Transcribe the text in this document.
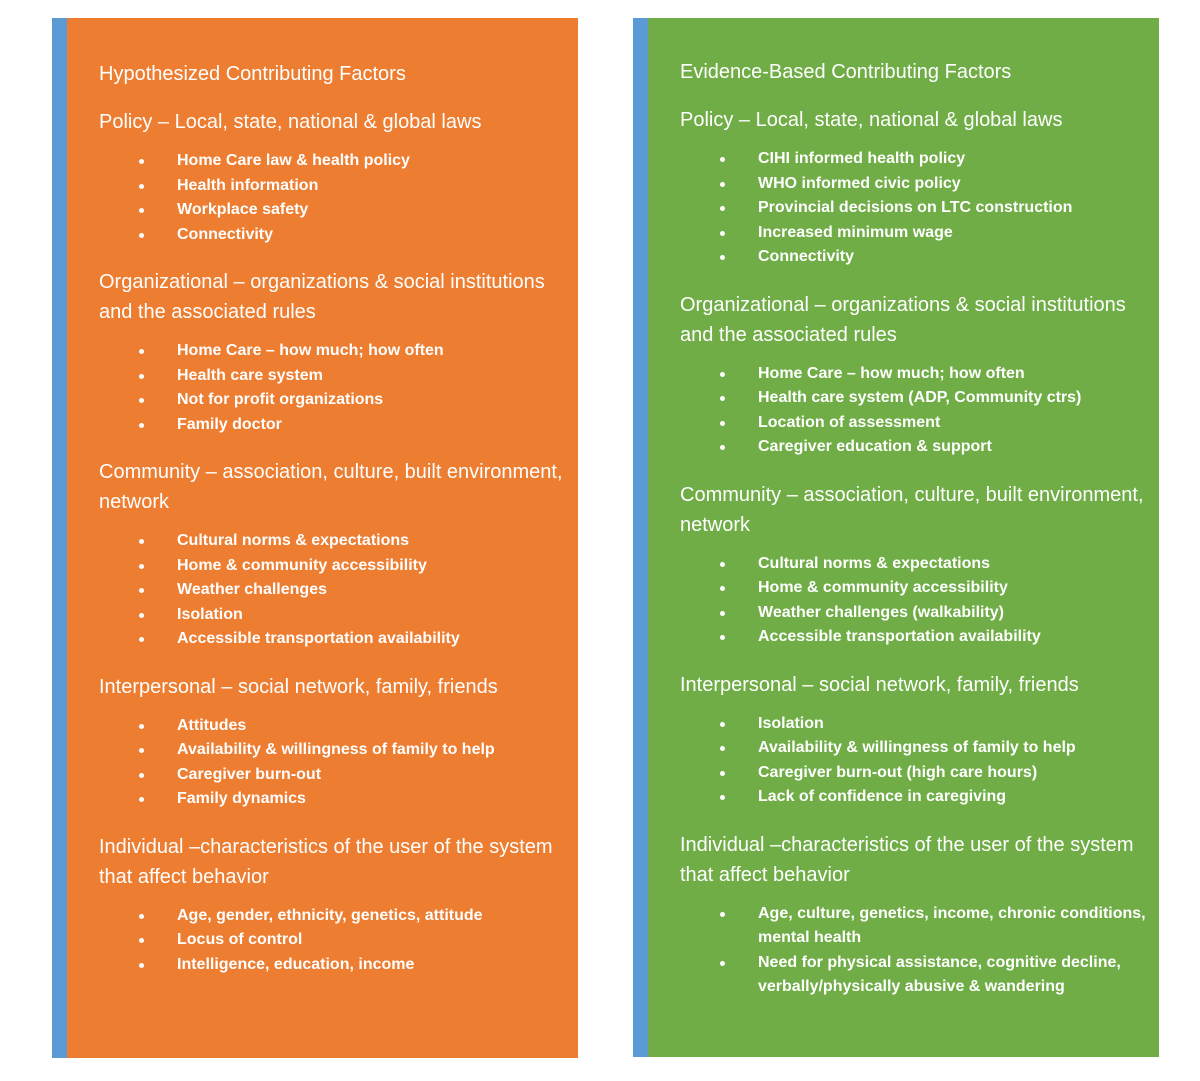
Hypothesized Contributing Factors

Policy – Local, state, national & global laws

Home Care law & health policy
Health information
Workplace safety
Connectivity

Organizational – organizations & social institutions and the associated rules

Home Care – how much; how often
Health care system
Not for profit organizations
Family doctor

Community – association, culture, built environment, network

Cultural norms & expectations
Home & community accessibility
Weather challenges
Isolation
Accessible transportation availability

Interpersonal – social network, family, friends

Attitudes
Availability & willingness of family to help
Caregiver burn-out
Family dynamics

Individual –characteristics of the user of the system that affect behavior

Age, gender, ethnicity, genetics, attitude
Locus of control
Intelligence, education, income

Evidence-Based Contributing Factors

Policy – Local, state, national & global laws

CIHI informed health policy
WHO informed civic policy
Provincial decisions on LTC construction
Increased minimum wage
Connectivity

Organizational – organizations & social institutions and the associated rules

Home Care – how much; how often
Health care system (ADP, Community ctrs)
Location of assessment
Caregiver education & support

Community – association, culture, built environment, network

Cultural norms & expectations
Home & community accessibility
Weather challenges (walkability)
Accessible transportation availability

Interpersonal – social network, family, friends

Isolation
Availability & willingness of family to help
Caregiver burn-out (high care hours)
Lack of confidence in caregiving

Individual –characteristics of the user of the system that affect behavior

Age, culture, genetics, income, chronic conditions, mental health
Need for physical assistance, cognitive decline, verbally/physically abusive & wandering
